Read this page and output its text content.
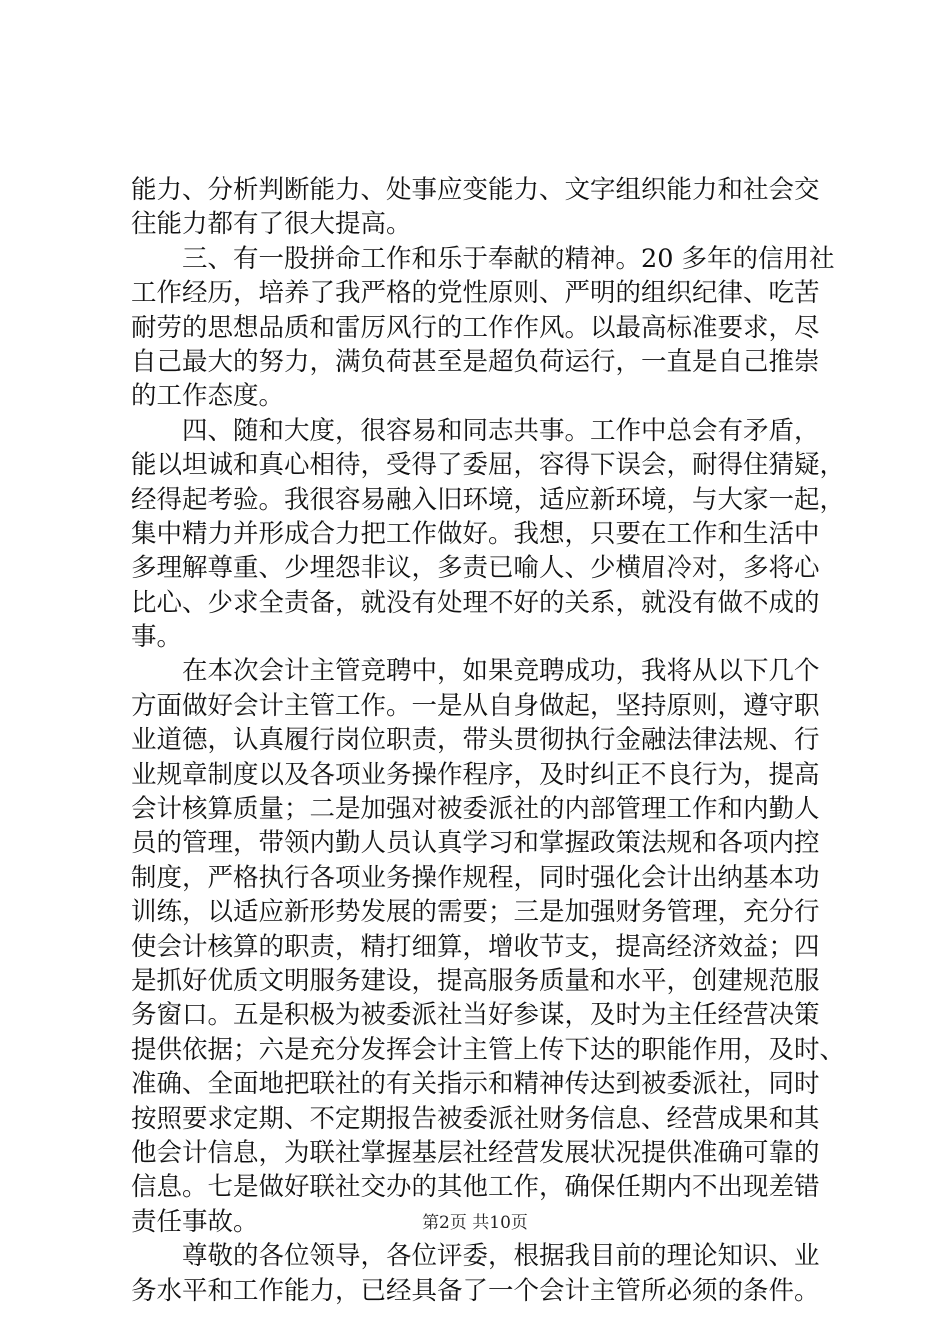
能力、分析判断能力、处事应变能力、文字组织能力和社会交
往能力都有了很大提高。
三、有一股拼命工作和乐于奉献的精神。20 多年的信用社
工作经历，培养了我严格的党性原则、严明的组织纪律、吃苦
耐劳的思想品质和雷厉风行的工作作风。以最高标准要求，尽
自己最大的努力，满负荷甚至是超负荷运行，一直是自己推崇
的工作态度。
四、随和大度，很容易和同志共事。工作中总会有矛盾，
能以坦诚和真心相待，受得了委屈，容得下误会，耐得住猜疑，
经得起考验。我很容易融入旧环境，适应新环境，与大家一起，
集中精力并形成合力把工作做好。我想，只要在工作和生活中
多理解尊重、少埋怨非议，多责已喻人、少横眉冷对，多将心
比心、少求全责备，就没有处理不好的关系，就没有做不成的
事。
在本次会计主管竞聘中，如果竞聘成功，我将从以下几个
方面做好会计主管工作。一是从自身做起，坚持原则，遵守职
业道德，认真履行岗位职责，带头贯彻执行金融法律法规、行
业规章制度以及各项业务操作程序，及时纠正不良行为，提高
会计核算质量；二是加强对被委派社的内部管理工作和内勤人
员的管理，带领内勤人员认真学习和掌握政策法规和各项内控
制度，严格执行各项业务操作规程，同时强化会计出纳基本功
训练，以适应新形势发展的需要；三是加强财务管理，充分行
使会计核算的职责，精打细算，增收节支，提高经济效益；四
是抓好优质文明服务建设，提高服务质量和水平，创建规范服
务窗口。五是积极为被委派社当好参谋，及时为主任经营决策
提供依据；六是充分发挥会计主管上传下达的职能作用，及时、
准确、全面地把联社的有关指示和精神传达到被委派社，同时
按照要求定期、不定期报告被委派社财务信息、经营成果和其
他会计信息，为联社掌握基层社经营发展状况提供准确可靠的
信息。七是做好联社交办的其他工作，确保任期内不出现差错
责任事故。
尊敬的各位领导，各位评委，根据我目前的理论知识、业
务水平和工作能力，已经具备了一个会计主管所必须的条件。
第2页 共10页
